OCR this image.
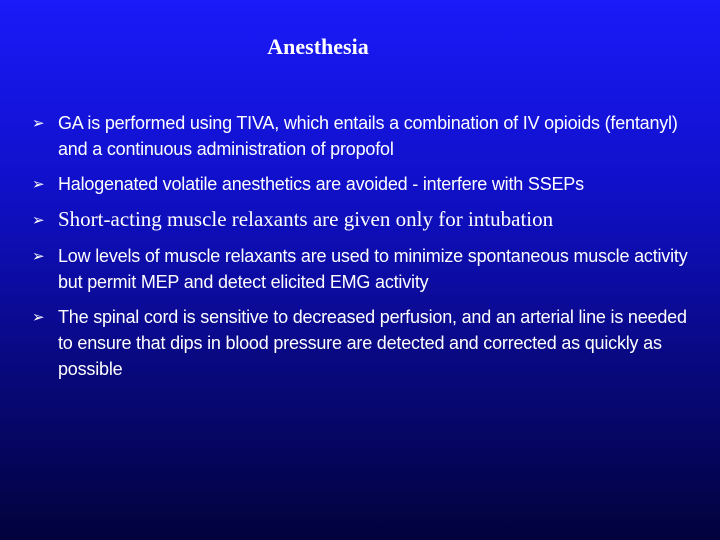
Anesthesia
➢ GA is performed using TIVA, which entails a combination of IV opioids (fentanyl) and a continuous administration of propofol
➢ Halogenated volatile anesthetics are avoided - interfere with SSEPs
➢ Short-acting muscle relaxants are given only for intubation
➢ Low levels of muscle relaxants are used to minimize spontaneous muscle activity but permit MEP and detect elicited EMG activity
➢ The spinal cord is sensitive to decreased perfusion, and an arterial line is needed to ensure that dips in blood pressure are detected and corrected as quickly as possible
